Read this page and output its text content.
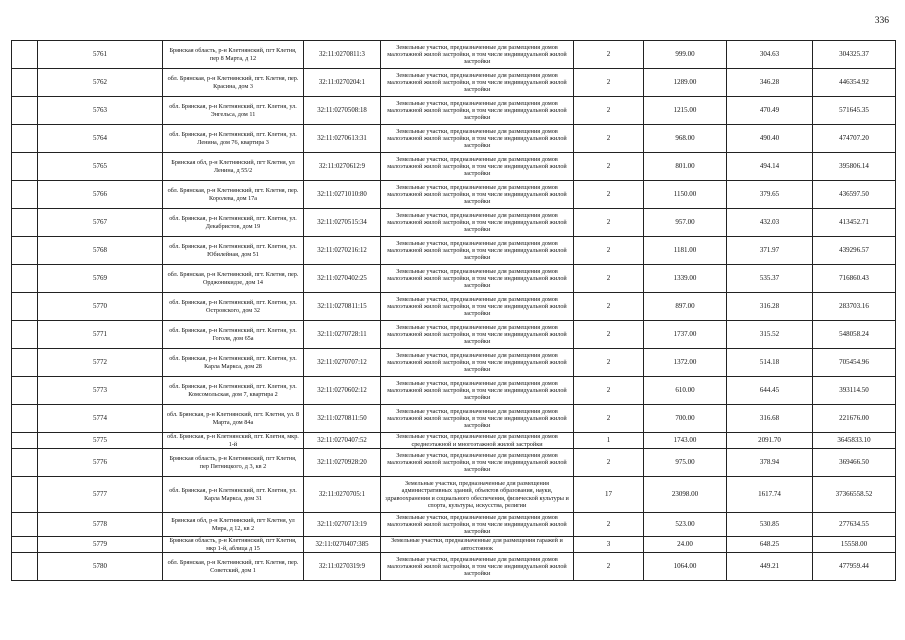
336
	5761	Брянская область, р-н Клетнянский, пгт Клетня, пер 8 Марта, д 12	32:11:0270811:3	Земельные участки, предназначенные для размещения домов малоэтажной жилой застройки, в том числе индивидуальной жилой застройки	2	999.00	304.63	304325.37
	5762	обл. Брянская, р-н Клетнянский, пгт. Клетня, пер. Красина, дом 3	32:11:0270204:1	Земельные участки, предназначенные для размещения домов малоэтажной жилой застройки, в том числе индивидуальной жилой застройки	2	1289.00	346.28	446354.92
	5763	обл. Брянская, р-н Клетнянский, пгт. Клетня, ул. Энгельса, дом 11	32:11:0270508:18	Земельные участки, предназначенные для размещения домов малоэтажной жилой застройки, в том числе индивидуальной жилой застройки	2	1215.00	470.49	571645.35
	5764	обл. Брянская, р-н Клетнянский, пгт. Клетня, ул. Ленина, дом 76, квартира 3	32:11:0270613:31	Земельные участки, предназначенные для размещения домов малоэтажной жилой застройки, в том числе индивидуальной жилой застройки	2	968.00	490.40	474707.20
	5765	Брянская обл, р-н Клетнянский, пгт Клетня, ул Ленина, д 55/2	32:11:0270612:9	Земельные участки, предназначенные для размещения домов малоэтажной жилой застройки, в том числе индивидуальной жилой застройки	2	801.00	494.14	395806.14
	5766	обл. Брянская, р-н Клетнянский, пгт. Клетня, пер. Королева, дом 17а	32:11:0271010:80	Земельные участки, предназначенные для размещения домов малоэтажной жилой застройки, в том числе индивидуальной жилой застройки	2	1150.00	379.65	436597.50
	5767	обл. Брянская, р-н Клетнянский, пгт. Клетня, ул. Декабристов, дом 19	32:11:0270515:34	Земельные участки, предназначенные для размещения домов малоэтажной жилой застройки, в том числе индивидуальной жилой застройки	2	957.00	432.03	413452.71
	5768	обл. Брянская, р-н Клетнянский, пгт. Клетня, ул. Юбилейная, дом 51	32:11:0270216:12	Земельные участки, предназначенные для размещения домов малоэтажной жилой застройки, в том числе индивидуальной жилой застройки	2	1181.00	371.97	439296.57
	5769	обл. Брянская, р-н Клетнянский, пгт. Клетня, пер. Орджоникидзе, дом 14	32:11:0270402:25	Земельные участки, предназначенные для размещения домов малоэтажной жилой застройки, в том числе индивидуальной жилой застройки	2	1339.00	535.37	716860.43
	5770	обл. Брянская, р-н Клетнянский, пгт. Клетня, ул. Островского, дом 32	32:11:0270811:15	Земельные участки, предназначенные для размещения домов малоэтажной жилой застройки, в том числе индивидуальной жилой застройки	2	897.00	316.28	283703.16
	5771	обл. Брянская, р-н Клетнянский, пгт. Клетня, ул. Гоголя, дом 65а	32:11:0270728:11	Земельные участки, предназначенные для размещения домов малоэтажной жилой застройки, в том числе индивидуальной жилой застройки	2	1737.00	315.52	548058.24
	5772	обл. Брянская, р-н Клетнянский, пгт. Клетня, ул. Карла Маркса, дом 28	32:11:0270707:12	Земельные участки, предназначенные для размещения домов малоэтажной жилой застройки, в том числе индивидуальной жилой застройки	2	1372.00	514.18	705454.96
	5773	обл. Брянская, р-н Клетнянский, пгт. Клетня, ул. Комсомольская, дом 7, квартира 2	32:11:0270602:12	Земельные участки, предназначенные для размещения домов малоэтажной жилой застройки, в том числе индивидуальной жилой застройки	2	610.00	644.45	393114.50
	5774	обл. Брянская, р-н Клетнянский, пгт. Клетня, ул. 8 Марта, дом 84а	32:11:0270811:50	Земельные участки, предназначенные для размещения домов малоэтажной жилой застройки, в том числе индивидуальной жилой застройки	2	700.00	316.68	221676.00
	5775	обл. Брянская, р-н Клетнянский, пгт. Клетня, мкр. 1-й	32:11:0270407:52	Земельные участки, предназначенные для размещения домов среднеэтажной и многоэтажной жилой застройки	1	1743.00	2091.70	3645833.10
	5776	Брянская область, р-н Клетнянский, пгт Клетня, пер Пятницкого, д 3, кв 2	32:11:0270928:20	Земельные участки, предназначенные для размещения домов малоэтажной жилой застройки, в том числе индивидуальной жилой застройки	2	975.00	378.94	369466.50
	5777	обл. Брянская, р-н Клетнянский, пгт. Клетня, ул. Карла Маркса, дом 31	32:11:0270705:1	Земельные участки, предназначенные для размещения административных зданий, объектов образования, науки, здравоохранения и социального обеспечения, физической культуры и спорта, культуры, искусства, религии	17	23098.00	1617.74	37366558.52
	5778	Брянская обл, р-н Клетнянский, пгт Клетня, ул Мира, д 12, кв 2	32:11:0270713:19	Земельные участки, предназначенные для размещения домов малоэтажной жилой застройки, в том числе индивидуальной жилой застройки	2	523.00	530.85	277634.55
	5779	Брянская область, р-н Клетнянский, пгт Клетня, мкр 1-й, аблица д 15	32:11:0270407:385	Земельные участки, предназначенные для размещения гаражей и автостоянок	3	24.00	648.25	15558.00
	5780	обл. Брянская, р-н Клетнянский, пгт. Клетня, пер. Советский, дом 1	32:11:0270319:9	Земельные участки, предназначенные для размещения домов малоэтажной жилой застройки, в том числе индивидуальной жилой застройки	2	1064.00	449.21	477959.44
